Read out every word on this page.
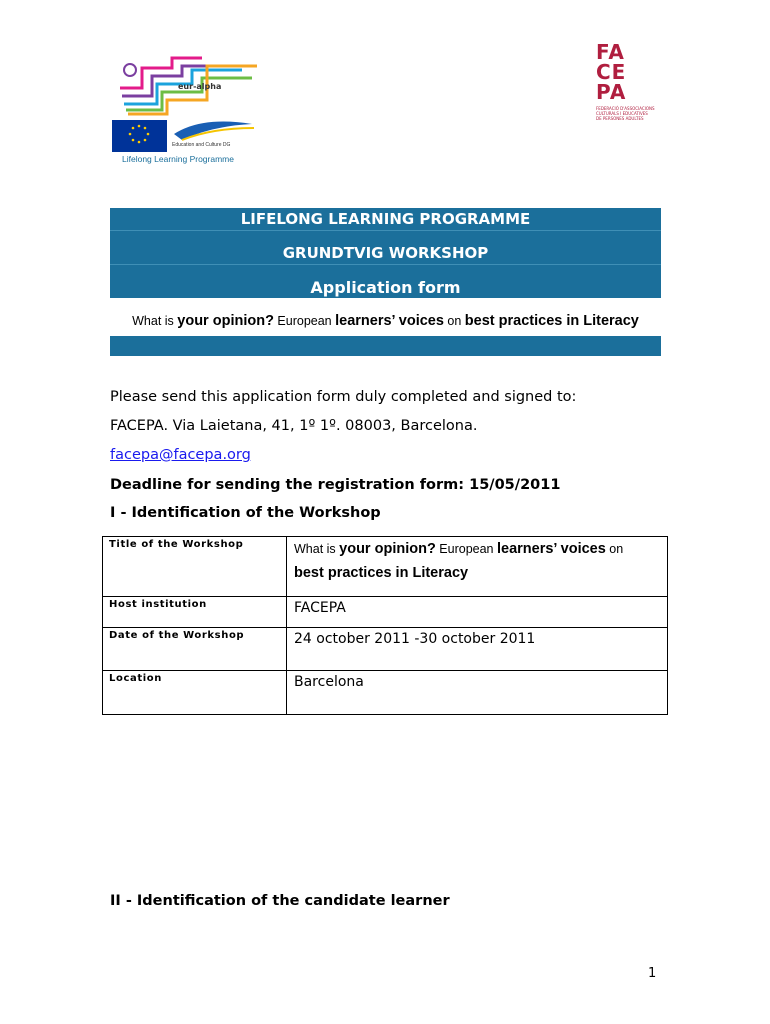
eur-alpha
Education and Culture DG
Lifelong Learning Programme
FA
CE
PA
FEDERACIÓ D'ASSOCIACIONS
CULTURALS I EDUCATIVES
DE PERSONES ADULTES
LIFELONG LEARNING PROGRAMME
GRUNDTVIG WORKSHOP
Application form
What is your opinion? European learners’ voices on best practices in Literacy
Please send this application form duly completed and signed to:
FACEPA. Via Laietana, 41, 1º 1º. 08003, Barcelona.
facepa@facepa.org
Deadline for sending the registration form: 15/05/2011
I - Identification of the Workshop
Title of the Workshop	What is your opinion? European learners’ voices on
best practices in Literacy
Host institution	FACEPA
Date of the Workshop	24 october 2011 -30 october 2011
Location	Barcelona
II - Identification of the candidate learner
1
